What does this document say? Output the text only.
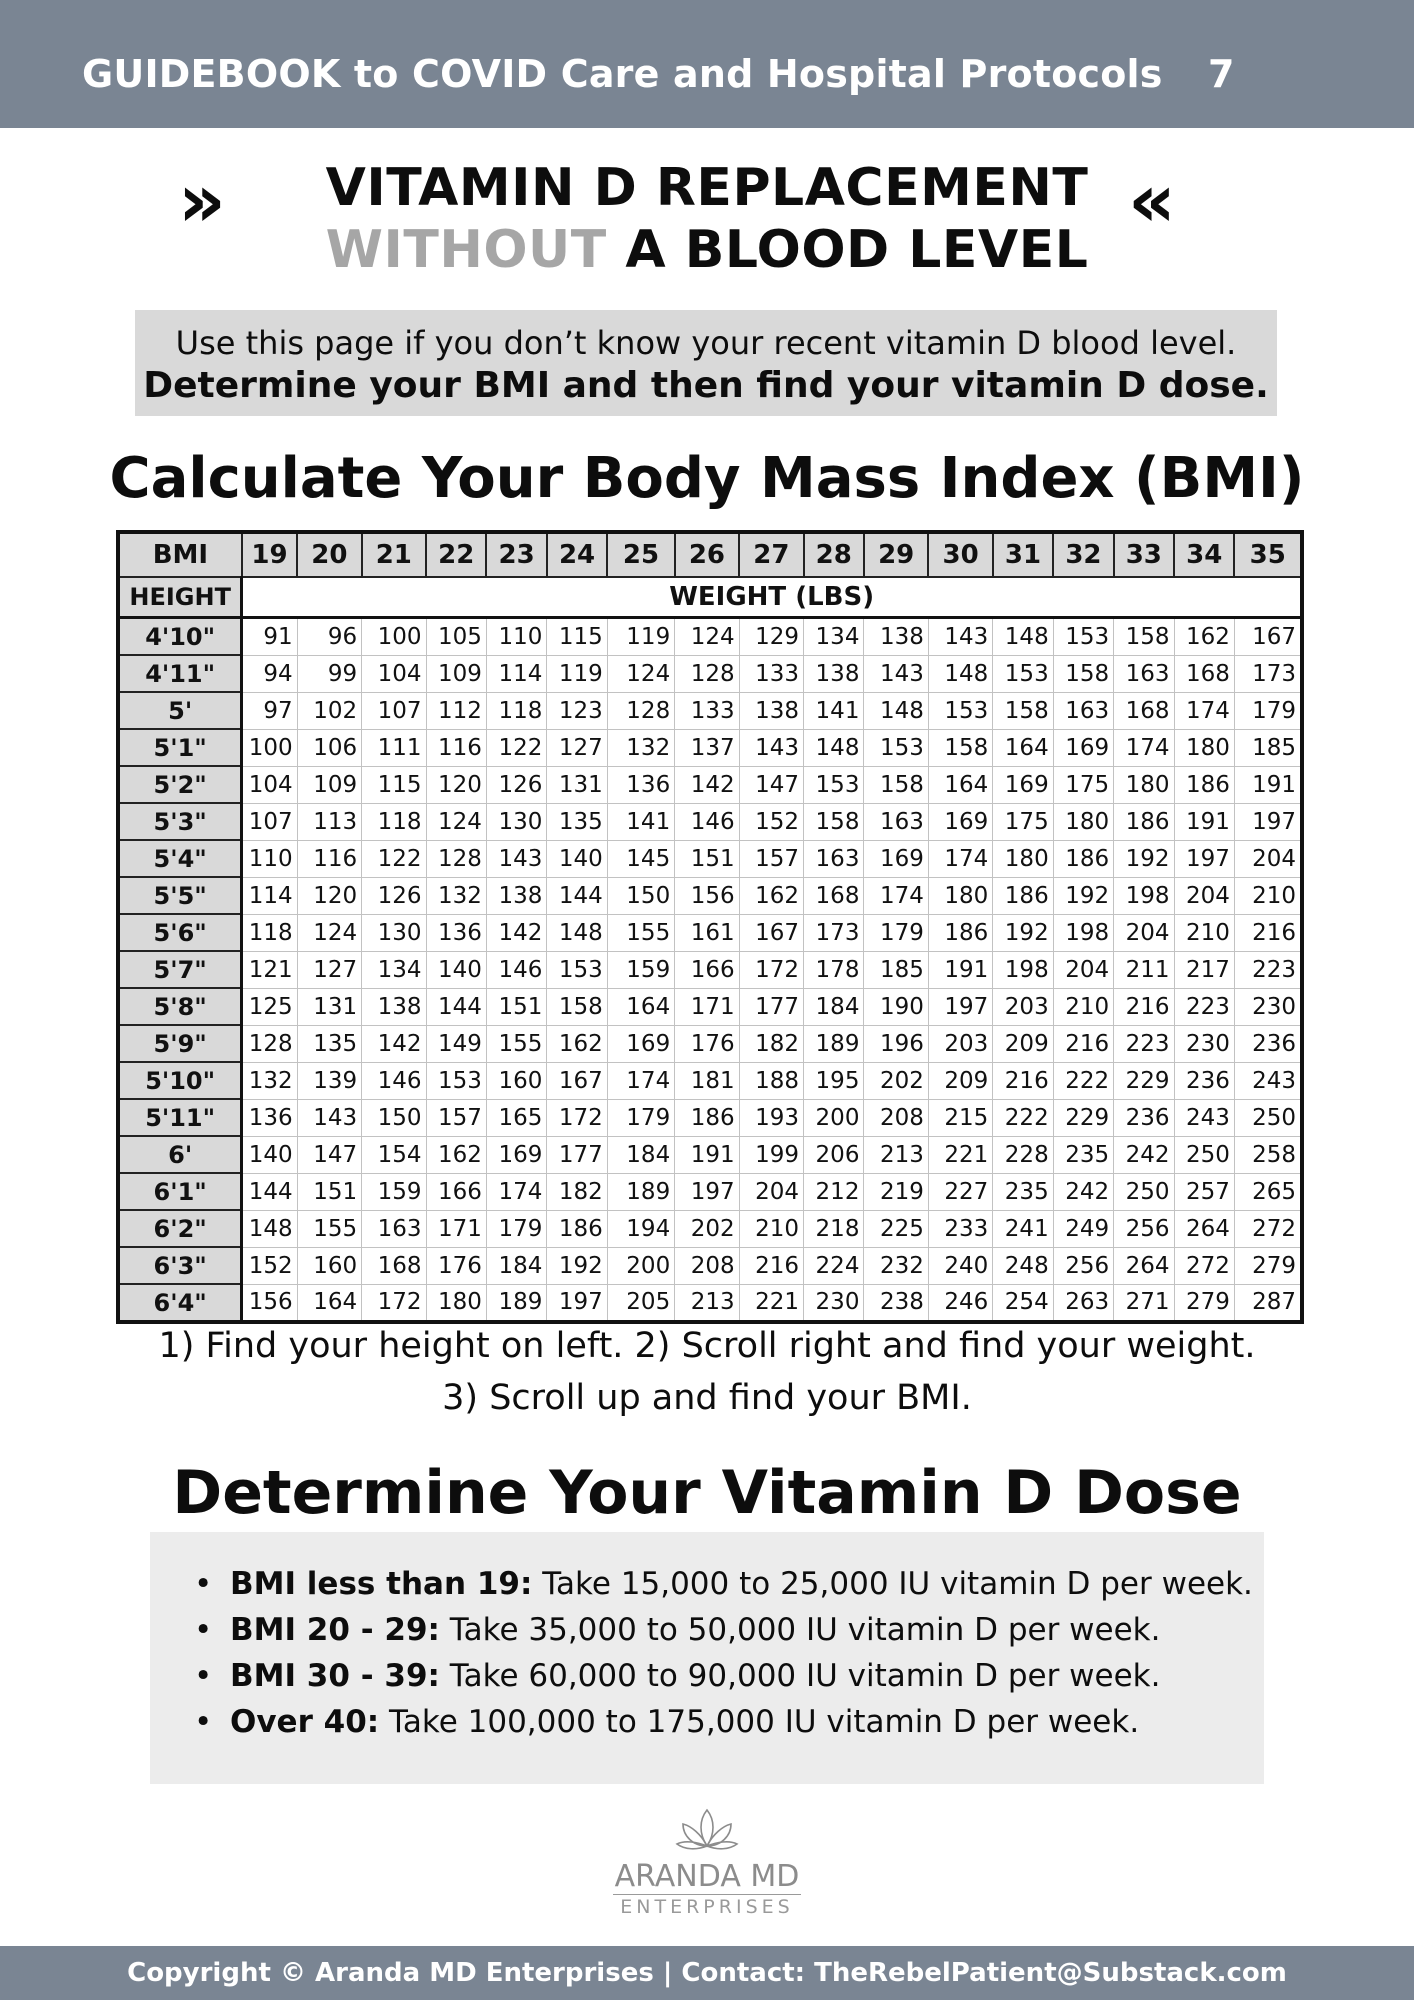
GUIDEBOOK to COVID Care and Hospital Protocols 7
»	«
VITAMIN D REPLACEMENT
WITHOUT A BLOOD LEVEL
Use this page if you don’t know your recent vitamin D blood level.
Determine your BMI and then find your vitamin D dose.
Calculate Your Body Mass Index (BMI)
BMI	19	20	21	22	23	24	25	26	27	28	29	30	31	32	33	34	35
HEIGHT	WEIGHT (LBS)																
4'10"	91	96	100	105	110	115	119	124	129	134	138	143	148	153	158	162	167
4'11"	94	99	104	109	114	119	124	128	133	138	143	148	153	158	163	168	173
5'	97	102	107	112	118	123	128	133	138	141	148	153	158	163	168	174	179
5'1"	100	106	111	116	122	127	132	137	143	148	153	158	164	169	174	180	185
5'2"	104	109	115	120	126	131	136	142	147	153	158	164	169	175	180	186	191
5'3"	107	113	118	124	130	135	141	146	152	158	163	169	175	180	186	191	197
5'4"	110	116	122	128	143	140	145	151	157	163	169	174	180	186	192	197	204
5'5"	114	120	126	132	138	144	150	156	162	168	174	180	186	192	198	204	210
5'6"	118	124	130	136	142	148	155	161	167	173	179	186	192	198	204	210	216
5'7"	121	127	134	140	146	153	159	166	172	178	185	191	198	204	211	217	223
5'8"	125	131	138	144	151	158	164	171	177	184	190	197	203	210	216	223	230
5'9"	128	135	142	149	155	162	169	176	182	189	196	203	209	216	223	230	236
5'10"	132	139	146	153	160	167	174	181	188	195	202	209	216	222	229	236	243
5'11"	136	143	150	157	165	172	179	186	193	200	208	215	222	229	236	243	250
6'	140	147	154	162	169	177	184	191	199	206	213	221	228	235	242	250	258
6'1"	144	151	159	166	174	182	189	197	204	212	219	227	235	242	250	257	265
6'2"	148	155	163	171	179	186	194	202	210	218	225	233	241	249	256	264	272
6'3"	152	160	168	176	184	192	200	208	216	224	232	240	248	256	264	272	279
6'4"	156	164	172	180	189	197	205	213	221	230	238	246	254	263	271	279	287
1) Find your height on left. 2) Scroll right and find your weight.
3) Scroll up and find your BMI.
Determine Your Vitamin D Dose
• BMI less than 19: Take 15,000 to 25,000 IU vitamin D per week.
• BMI 20 - 29: Take 35,000 to 50,000 IU vitamin D per week.
• BMI 30 - 39: Take 60,000 to 90,000 IU vitamin D per week.
• Over 40: Take 100,000 to 175,000 IU vitamin D per week.
ARANDA MD
ENTERPRISES
Copyright © Aranda MD Enterprises | Contact: TheRebelPatient@Substack.com
